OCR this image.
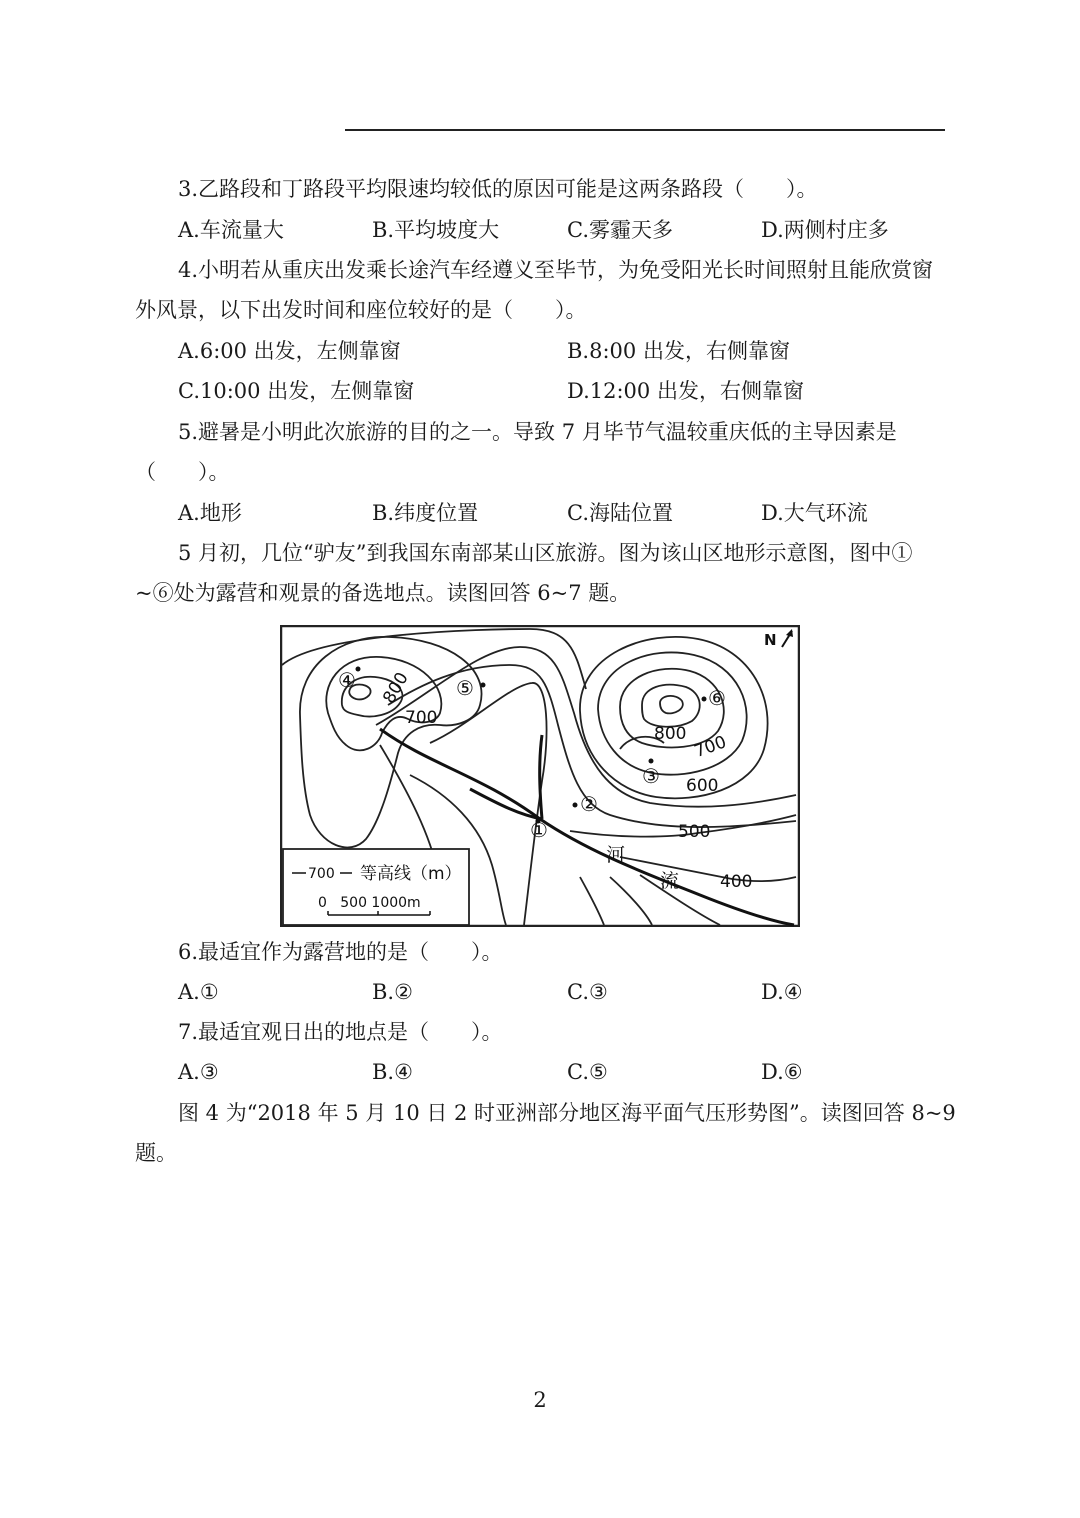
3.乙路段和丁路段平均限速均较低的原因可能是这两条路段（　　）。
A.车流量大	B.平均坡度大	C.雾霾天多	D.两侧村庄多
4.小明若从重庆出发乘长途汽车经遵义至毕节，为免受阳光长时间照射且能欣赏窗
外风景，以下出发时间和座位较好的是（　　）。
A.6:00 出发，左侧靠窗	B.8:00 出发，右侧靠窗
C.10:00 出发，左侧靠窗	D.12:00 出发，右侧靠窗
5.避暑是小明此次旅游的目的之一。导致 7 月毕节气温较重庆低的主导因素是
（　　）。
A.地形	B.纬度位置	C.海陆位置	D.大气环流
5 月初，几位“驴友”到我国东南部某山区旅游。图为该山区地形示意图，图中①
~⑥处为露营和观景的备选地点。读图回答 6~7 题。
①
②
③
④	⑤	⑥
800
700
800 700
600
500
400
河
流
N
700 等高线（m）
0   500 1000m
6.最适宜作为露营地的是（　　）。
A.①	B.②	C.③	D.④
7.最适宜观日出的地点是（　　）。
A.③	B.④	C.⑤	D.⑥
图 4 为“2018 年 5 月 10 日 2 时亚洲部分地区海平面气压形势图”。读图回答 8~9
题。
2
